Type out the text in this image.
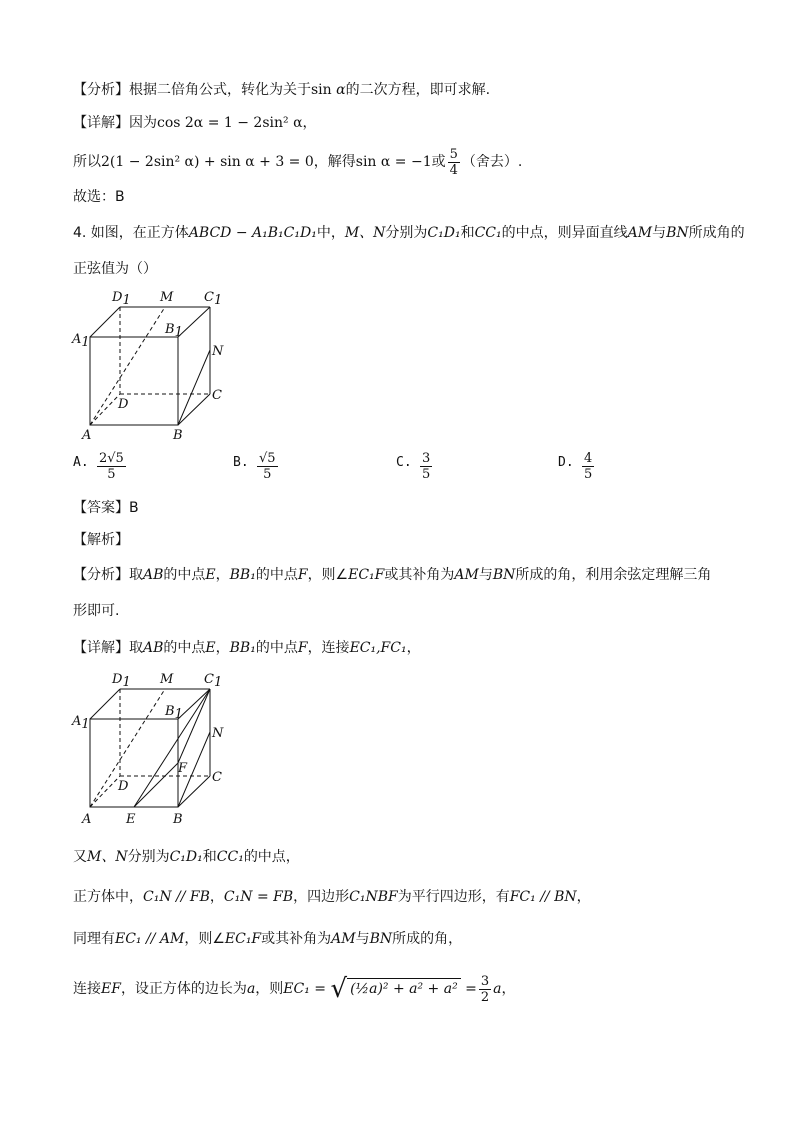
【分析】根据二倍角公式，转化为关于sin α的二次方程，即可求解.
【详解】因为cos 2α = 1 − 2sin² α，
所以2(1 − 2sin² α) + sin α + 3 = 0，解得sin α = −1或 $\frac{5}{4}$ （舍去）.
故选：B
4. 如图，在正方体ABCD − A₁B₁C₁D₁中，M、N分别为C₁D₁和CC₁的中点，则异面直线AM与BN所成角的
正弦值为（）
D1 M C1
A1
B1
N
D
C
A	B
A. $\frac{2√5}{5}$	B. $\frac{√5}{5}$	C. $\frac{3}{5}$	D. $\frac{4}{5}$
【答案】B
【解析】
【分析】取AB的中点E，BB₁的中点F，则∠EC₁F或其补角为AM与BN所成的角，利用余弦定理解三角
形即可.
【详解】取AB的中点E，BB₁的中点F，连接EC₁,FC₁，
D1 M C1
A1
B1
N
F
D
C
A	E	B
又M、N分别为C₁D₁和CC₁的中点，
正方体中，C₁N // FB，C₁N = FB，四边形C₁NBF为平行四边形，有FC₁ // BN，
同理有EC₁ // AM，则∠EC₁F或其补角为AM与BN所成的角，
连接EF，设正方体的边长为a，则EC₁ = √ (½a)² + $a^2 + a^2 = \frac{3}{2}$ a，
